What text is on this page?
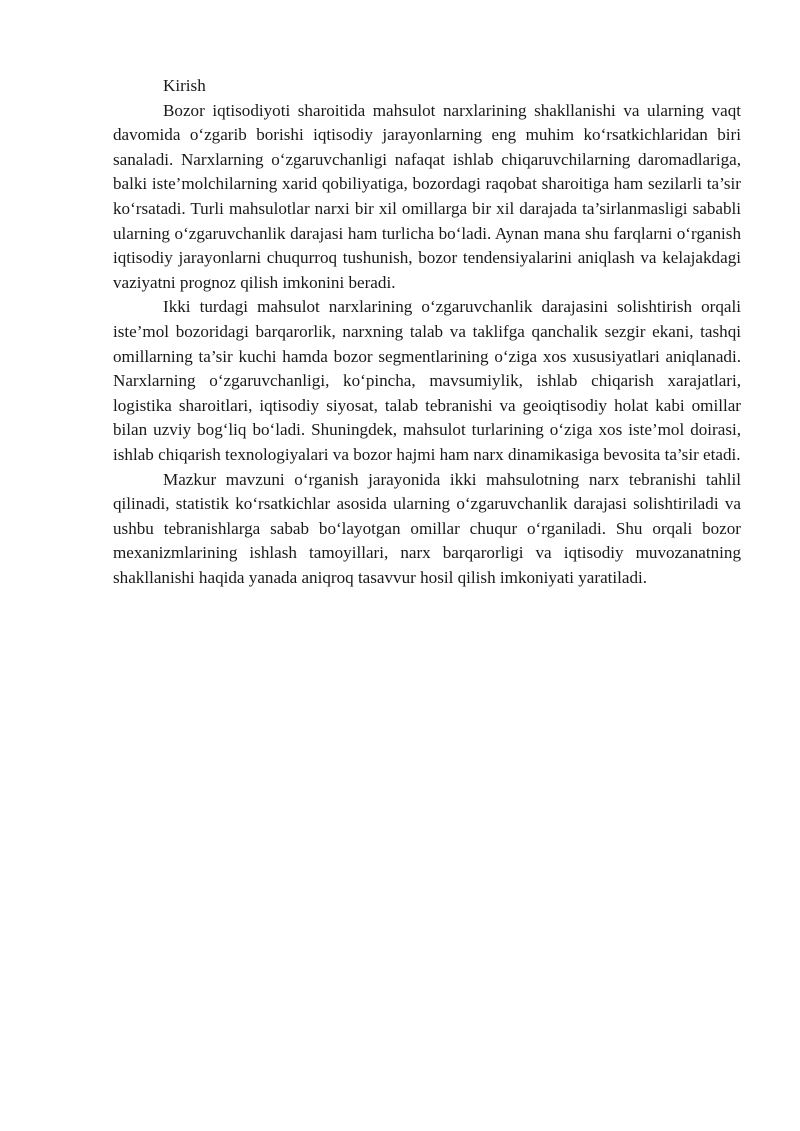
Kirish

Bozor iqtisodiyoti sharoitida mahsulot narxlarining shakllanishi va ularning vaqt davomida o‘zgarib borishi iqtisodiy jarayonlarning eng muhim ko‘rsatkichlaridan biri sanaladi. Narxlarning o‘zgaruvchanligi nafaqat ishlab chiqaruvchilarning daromadlariga, balki iste’molchilarning xarid qobiliyatiga, bozordagi raqobat sharoitiga ham sezilarli ta’sir ko‘rsatadi. Turli mahsulotlar narxi bir xil omillarga bir xil darajada ta’sirlanmasligi sababli ularning o‘zgaruvchanlik darajasi ham turlicha bo‘ladi. Aynan mana shu farqlarni o‘rganish iqtisodiy jarayonlarni chuqurroq tushunish, bozor tendensiyalarini aniqlash va kelajakdagi vaziyatni prognoz qilish imkonini beradi.

Ikki turdagi mahsulot narxlarining o‘zgaruvchanlik darajasini solishtirish orqali iste’mol bozoridagi barqarorlik, narxning talab va taklifga qanchalik sezgir ekani, tashqi omillarning ta’sir kuchi hamda bozor segmentlarining o‘ziga xos xususiyatlari aniqlanadi. Narxlarning o‘zgaruvchanligi, ko‘pincha, mavsumiylik, ishlab chiqarish xarajatlari, logistika sharoitlari, iqtisodiy siyosat, talab tebranishi va geoiqtisodiy holat kabi omillar bilan uzviy bog‘liq bo‘ladi. Shuningdek, mahsulot turlarining o‘ziga xos iste’mol doirasi, ishlab chiqarish texnologiyalari va bozor hajmi ham narx dinamikasiga bevosita ta’sir etadi.

Mazkur mavzuni o‘rganish jarayonida ikki mahsulotning narx tebranishi tahlil qilinadi, statistik ko‘rsatkichlar asosida ularning o‘zgaruvchanlik darajasi solishtiriladi va ushbu tebranishlarga sabab bo‘layotgan omillar chuqur o‘rganiladi. Shu orqali bozor mexanizmlarining ishlash tamoyillari, narx barqarorligi va iqtisodiy muvozanatning shakllanishi haqida yanada aniqroq tasavvur hosil qilish imkoniyati yaratiladi.
